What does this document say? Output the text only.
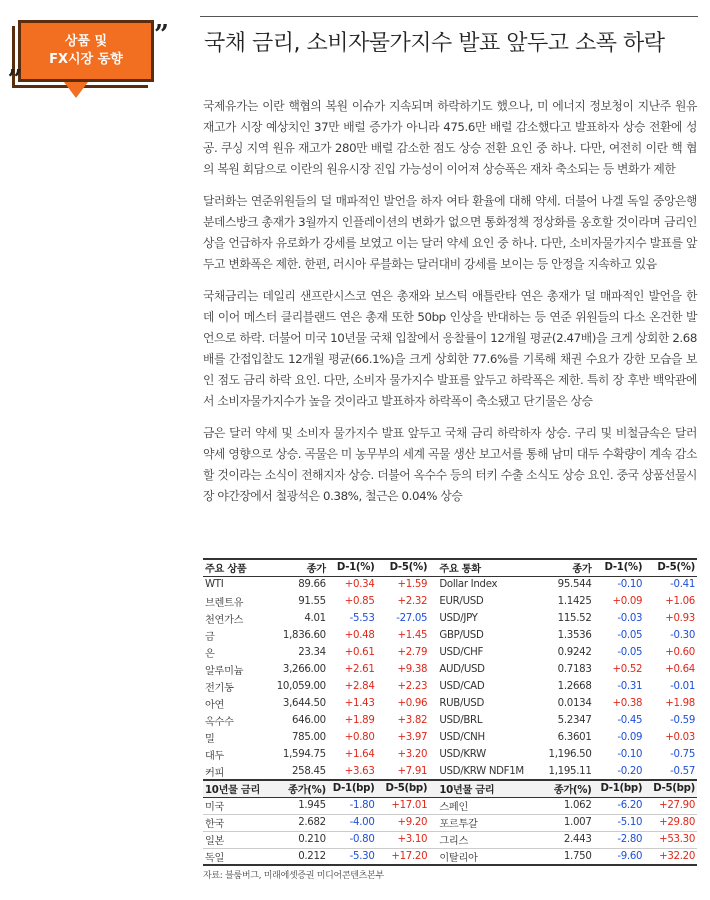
”
상품 및
FX시장 동향
„
국채 금리, 소비자물가지수 발표 앞두고 소폭 하락

국제유가는 이란 핵협의 복원 이슈가 지속되며 하락하기도 했으나, 미 에너지 정보청이 지난주 원유재고가 시장 예상치인 37만 배럴 증가가 아니라 475.6만 배럴 감소했다고 발표하자 상승 전환에 성공. 쿠싱 지역 원유 재고가 280만 배럴 감소한 점도 상승 전환 요인 중 하나. 다만, 여전히 이란 핵 협의 복원 회담으로 이란의 원유시장 진입 가능성이 이어져 상승폭은 재차 축소되는 등 변화가 제한

달러화는 연준위원들의 덜 매파적인 발언을 하자 여타 환율에 대해 약세. 더불어 나겔 독일 중앙은행 분데스방크 총재가 3월까지 인플레이션의 변화가 없으면 통화정책 정상화를 옹호할 것이라며 금리인상을 언급하자 유로화가 강세를 보였고 이는 달러 약세 요인 중 하나. 다만, 소비자물가지수 발표를 앞두고 변화폭은 제한. 한편, 러시아 루블화는 달러대비 강세를 보이는 등 안정을 지속하고 있음

국채금리는 데일리 샌프란시스코 연은 총재와 보스틱 애틀란타 연은 총재가 덜 매파적인 발언을 한 데 이어 메스터 클리블랜드 연은 총재 또한 50bp 인상을 반대하는 등 연준 위원들의 다소 온건한 발언으로 하락. 더불어 미국 10년물 국채 입찰에서 응찰률이 12개월 평균(2.47배)을 크게 상회한 2.68배를 간접입찰도 12개월 평균(66.1%)을 크게 상회한 77.6%를 기록해 채권 수요가 강한 모습을 보인 점도 금리 하락 요인. 다만, 소비자 물가지수 발표를 앞두고 하락폭은 제한. 특히 장 후반 백악관에서 소비자물가지수가 높을 것이라고 발표하자 하락폭이 축소됐고 단기물은 상승

금은 달러 약세 및 소비자 물가지수 발표 앞두고 국채 금리 하락하자 상승. 구리 및 비철금속은 달러 약세 영향으로 상승. 곡물은 미 농무부의 세계 곡물 생산 보고서를 통해 남미 대두 수확량이 계속 감소할 것이라는 소식이 전해지자 상승. 더불어 옥수수 등의 터키 수출 소식도 상승 요인. 중국 상품선물시장 야간장에서 철광석은 0.38%, 철근은 0.04% 상승

주요 상품	종가	D-1(%)	D-5(%)		주요 통화	종가	D-1(%)	D-5(%)
WTI	89.66	+0.34	+1.59		Dollar Index	95.544	-0.10	-0.41
브렌트유	91.55	+0.85	+2.32		EUR/USD	1.1425	+0.09	+1.06
천연가스	4.01	-5.53	-27.05		USD/JPY	115.52	-0.03	+0.93
금	1,836.60	+0.48	+1.45		GBP/USD	1.3536	-0.05	-0.30
은	23.34	+0.61	+2.79		USD/CHF	0.9242	-0.05	+0.60
알루미늄	3,266.00	+2.61	+9.38		AUD/USD	0.7183	+0.52	+0.64
전기동	10,059.00	+2.84	+2.23		USD/CAD	1.2668	-0.31	-0.01
아연	3,644.50	+1.43	+0.96		RUB/USD	0.0134	+0.38	+1.98
옥수수	646.00	+1.89	+3.82		USD/BRL	5.2347	-0.45	-0.59
밀	785.00	+0.80	+3.97		USD/CNH	6.3601	-0.09	+0.03
대두	1,594.75	+1.64	+3.20		USD/KRW	1,196.50	-0.10	-0.75
커피	258.45	+3.63	+7.91		USD/KRW NDF1M	1,195.11	-0.20	-0.57
10년물 금리	종가(%)	D-1(bp)	D-5(bp)		10년물 금리	종가(%)	D-1(bp)	D-5(bp)
미국	1.945	-1.80	+17.01		스페인	1.062	-6.20	+27.90
한국	2.682	-4.00	+9.20		포르투갈	1.007	-5.10	+29.80
일본	0.210	-0.80	+3.10		그리스	2.443	-2.80	+53.30
독일	0.212	-5.30	+17.20		이탈리아	1.750	-9.60	+32.20
자료: 블룸버그, 미래에셋증권 미디어콘텐츠본부
